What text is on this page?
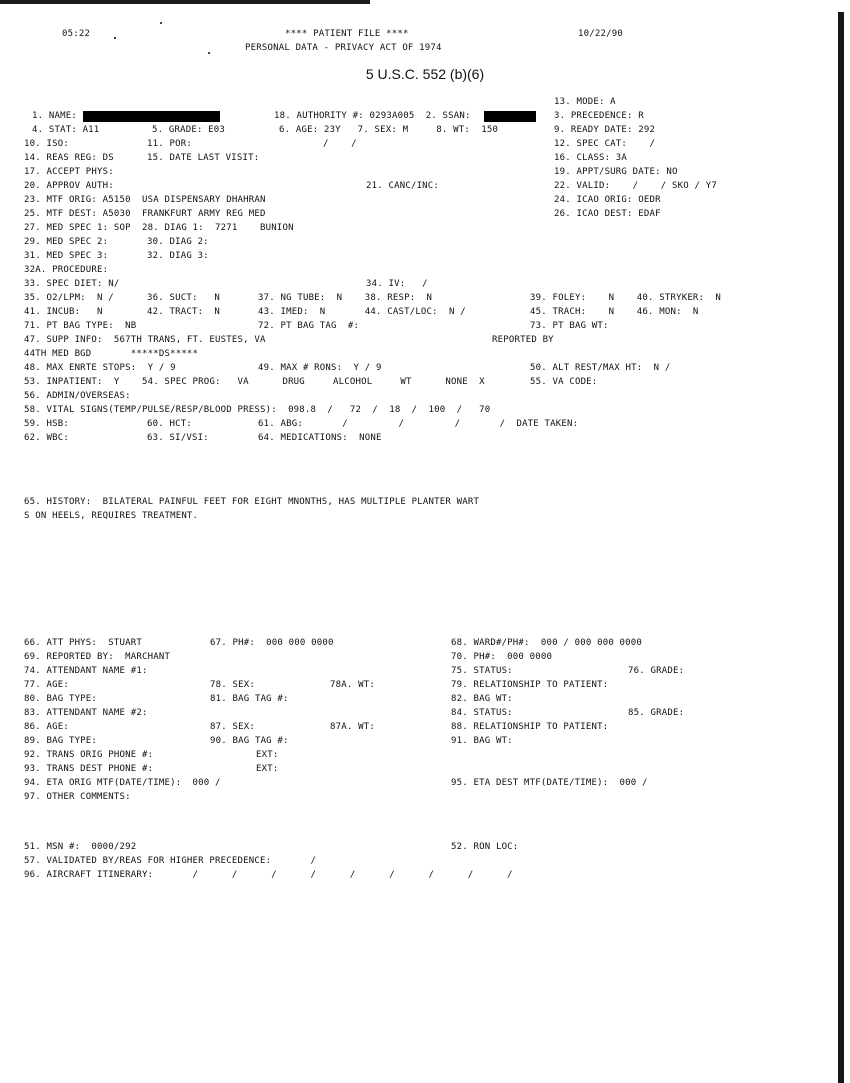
05:22	**** PATIENT FILE ****	10/22/90
PERSONAL DATA - PRIVACY ACT OF 1974
5 U.S.C. 552 (b)(6)
13. MODE: A
1. NAME:	18. AUTHORITY #: 0293A005  2. SSAN:	3. PRECEDENCE: R
4. STAT: A11	5. GRADE: E03	6. AGE: 23Y   7. SEX: M     8. WT:  150	9. READY DATE: 292
10. ISO:	11. POR:	/    /	12. SPEC CAT:    /
14. REAS REG: DS	15. DATE LAST VISIT:	16. CLASS: 3A
17. ACCEPT PHYS:	19. APPT/SURG DATE: NO
20. APPROV AUTH:	21. CANC/INC:	22. VALID:    /    / SKO / Y7
23. MTF ORIG: A5150  USA DISPENSARY DHAHRAN	24. ICAO ORIG: OEDR
25. MTF DEST: A5030  FRANKFURT ARMY REG MED	26. ICAO DEST: EDAF
27. MED SPEC 1: SOP  28. DIAG 1:  7271    BUNION
29. MED SPEC 2:	30. DIAG 2:
31. MED SPEC 3:	32. DIAG 3:
32A. PROCEDURE:
33. SPEC DIET: N/	34. IV:   /
35. O2/LPM:  N /	36. SUCT:   N	37. NG TUBE:  N    38. RESP:  N	39. FOLEY:    N    40. STRYKER:  N
41. INCUB:   N	42. TRACT:  N	43. IMED:  N       44. CAST/LOC:  N /	45. TRACH:    N    46. MON:  N
71. PT BAG TYPE:  NB	72. PT BAG TAG  #:	73. PT BAG WT:
47. SUPP INFO:  567TH TRANS, FT. EUSTES, VA	REPORTED BY
44TH MED BGD       *****DS*****
48. MAX ENRTE STOPS:  Y / 9	49. MAX # RONS:  Y / 9	50. ALT REST/MAX HT:  N /
53. INPATIENT:  Y    54. SPEC PROG:   VA      DRUG     ALCOHOL     WT      NONE  X	55. VA CODE:
56. ADMIN/OVERSEAS:
58. VITAL SIGNS(TEMP/PULSE/RESP/BLOOD PRESS):  098.8  /   72  /  18  /  100  /   70
59. HSB:	60. HCT:	61. ABG:       /         /         /       /  DATE TAKEN:
62. WBC:	63. SI/VSI:	64. MEDICATIONS:  NONE
65. HISTORY:  BILATERAL PAINFUL FEET FOR EIGHT MNONTHS, HAS MULTIPLE PLANTER WART
S ON HEELS, REQUIRES TREATMENT.
66. ATT PHYS:  STUART	67. PH#:  000 000 0000	68. WARD#/PH#:  000 / 000 000 0000
69. REPORTED BY:  MARCHANT	70. PH#:  000 0000
74. ATTENDANT NAME #1:	75. STATUS:	76. GRADE:
77. AGE:	78. SEX:	78A. WT:	79. RELATIONSHIP TO PATIENT:
80. BAG TYPE:	81. BAG TAG #:	82. BAG WT:
83. ATTENDANT NAME #2:	84. STATUS:	85. GRADE:
86. AGE:	87. SEX:	87A. WT:	88. RELATIONSHIP TO PATIENT:
89. BAG TYPE:	90. BAG TAG #:	91. BAG WT:
92. TRANS ORIG PHONE #:	EXT:
93. TRANS DEST PHONE #:	EXT:
94. ETA ORIG MTF(DATE/TIME):  000 /	95. ETA DEST MTF(DATE/TIME):  000 /
97. OTHER COMMENTS:
51. MSN #:  0000/292	52. RON LOC:
57. VALIDATED BY/REAS FOR HIGHER PRECEDENCE:       /
96. AIRCRAFT ITINERARY:       /      /      /      /      /      /      /      /      /
